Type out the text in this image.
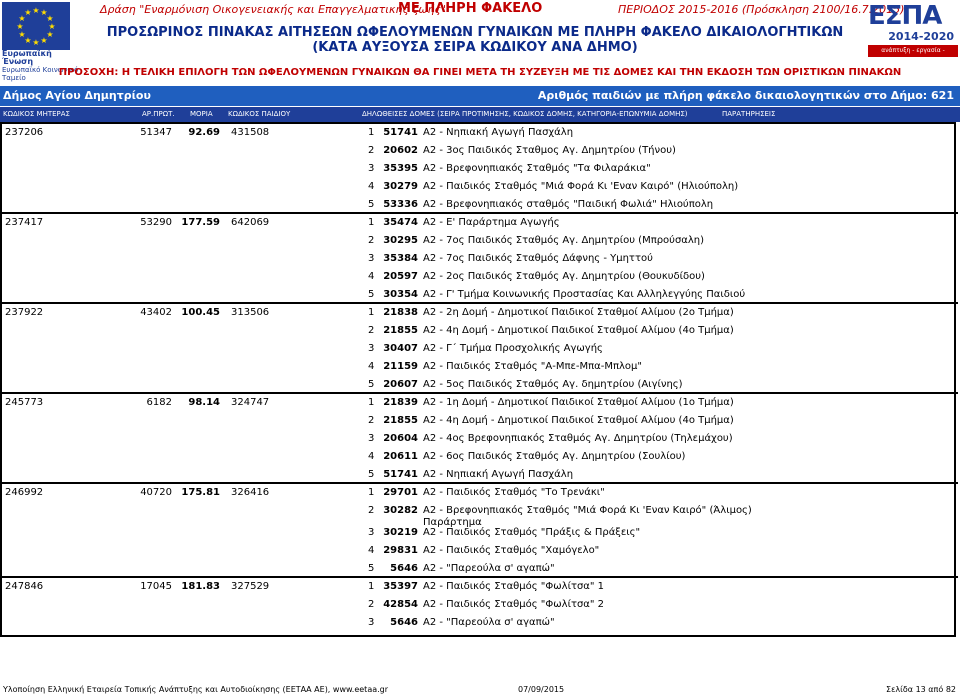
★ ★
★
★
★
★
★
★
★
★
★
★
Ευρωπαϊκή Ένωση
Ευρωπαϊκό Κοινωνικό Ταμείο
Δράση "Εναρμόνιση Οικογενειακής και Επαγγελματικής ζωής"
ΜΕ ΠΛΗΡΗ ΦΑΚΕΛΟ	ΠΕΡΙΟΔΟΣ 2015-2016 (Πρόσκληση 2100/16.7.2015)
ΠΡΟΣΩΡΙΝΟΣ ΠΙΝΑΚΑΣ ΑΙΤΗΣΕΩΝ ΩΦΕΛΟΥΜΕΝΩΝ ΓΥΝΑΙΚΩΝ ΜΕ ΠΛΗΡΗ ΦΑΚΕΛΟ ΔΙΚΑΙΟΛΟΓΗΤΙΚΩΝ
(ΚΑΤΑ ΑΥΞΟΥΣΑ ΣΕΙΡΑ ΚΩΔΙΚΟΥ ΑΝΑ ΔΗΜΟ)
ΕΣΠΑ
2014-2020
ανάπτυξη - εργασία - αλληλεγγύη
ΠΡΟΣΟΧΗ: Η ΤΕΛΙΚΗ ΕΠΙΛΟΓΗ ΤΩΝ ΩΦΕΛΟΥΜΕΝΩΝ ΓΥΝΑΙΚΩΝ ΘΑ ΓΙΝΕΙ ΜΕΤΑ ΤΗ ΣΥΖΕΥΞΗ ΜΕ ΤΙΣ ΔΟΜΕΣ ΚΑΙ ΤΗΝ ΕΚΔΟΣΗ ΤΩΝ ΟΡΙΣΤΙΚΩΝ ΠΙΝΑΚΩΝ
Δήμος Αγίου Δημητρίου	Αριθμός παιδιών με πλήρη φάκελο δικαιολογητικών στο Δήμο: 621
ΚΩΔΙΚΟΣ ΜΗΤΕΡΑΣ	ΑΡ.ΠΡΩΤ. ΜΟΡΙΑ ΚΩΔΙΚΟΣ ΠΑΙΔΙΟΥ	ΔΗΛΩΘΕΙΣΕΣ ΔΟΜΕΣ (ΣΕΙΡΑ ΠΡΟΤΙΜΗΣΗΣ, ΚΩΔΙΚΟΣ ΔΟΜΗΣ, ΚΑΤΗΓΟΡΙΑ-ΕΠΩΝΥΜΙΑ ΔΟΜΗΣ)	ΠΑΡΑΤΗΡΗΣΕΙΣ
237206	51347	92.69 431508	1 51741 Α2 - Νηπιακή Αγωγή Πασχάλη
2 20602 Α2 - 3ος Παιδικός Σταθμος Αγ. Δημητρίου (Τήνου)
3 35395 Α2 - Βρεφονηπιακός Σταθμός "Τα Φιλαράκια"
4 30279 Α2 - Παιδικός Σταθμός "Μιά Φορά Κι 'Εναν Καιρό" (Ηλιούπολη)
5 53336 Α2 - Βρεφονηπιακός σταθμός "Παιδική Φωλιά" Ηλιούπολη
237417	53290 177.59 642069	1 35474 Α2 - Ε' Παράρτημα Αγωγής
2 30295 Α2 - 7ος Παιδικός Σταθμός Αγ. Δημητρίου (Μπρούσαλη)
3 35384 Α2 - 7ος Παιδικός Σταθμός Δάφνης - Υμηττού
4 20597 Α2 - 2ος Παιδικός Σταθμός Αγ. Δημητρίου (Θουκυδίδου)
5 30354 Α2 - Γ' Τμήμα Κοινωνικής Προστασίας Και Αλληλεγγύης Παιδιού
237922	43402 100.45 313506	1 21838 Α2 - 2η Δομή - Δημοτικοί Παιδικοί Σταθμοί Αλίμου (2ο Τμήμα)
2 21855 Α2 - 4η Δομή - Δημοτικοί Παιδικοί Σταθμοί Αλίμου (4ο Τμήμα)
3 30407 Α2 - Γ΄ Τμήμα Προσχολικής Αγωγής
4 21159 Α2 - Παιδικός Σταθμός "Α-Μπε-Μπα-Μπλομ"
5 20607 Α2 - 5ος Παιδικός Σταθμός Αγ. δημητρίου (Αιγίνης)
245773	6182	98.14 324747	1 21839 Α2 - 1η Δομή - Δημοτικοί Παιδικοί Σταθμοί Αλίμου (1ο Τμήμα)
2 21855 Α2 - 4η Δομή - Δημοτικοί Παιδικοί Σταθμοί Αλίμου (4ο Τμήμα)
3 20604 Α2 - 4ος Βρεφονηπιακός Σταθμός Αγ. Δημητρίου (Τηλεμάχου)
4 20611 Α2 - 6ος Παιδικός Σταθμός Αγ. Δημητρίου (Σουλίου)
5 51741 Α2 - Νηπιακή Αγωγή Πασχάλη
246992	40720 175.81 326416	1 29701 Α2 - Παιδικός Σταθμός "Το Τρενάκι"
2 30282 Α2 - Βρεφονηπιακός Σταθμός "Μιά Φορά Κι 'Εναν Καιρό" (Άλιμος)
Παράρτημα
3 30219 Α2 - Παιδικός Σταθμός "Πράξις & Πράξεις"
4 29831 Α2 - Παιδικός Σταθμός "Χαμόγελο"
5	5646 Α2 - "Παρεούλα σ' αγαπώ"
247846	17045 181.83 327529	1 35397 Α2 - Παιδικός Σταθμός "Φωλίτσα" 1
2 42854 Α2 - Παιδικός Σταθμός "Φωλίτσα" 2
3	5646 Α2 - "Παρεούλα σ' αγαπώ"
Υλοποίηση Ελληνική Εταιρεία Τοπικής Ανάπτυξης και Αυτοδιοίκησης (ΕΕΤΑΑ ΑΕ), www.eetaa.gr	07/09/2015	Σελίδα 13 από 82
